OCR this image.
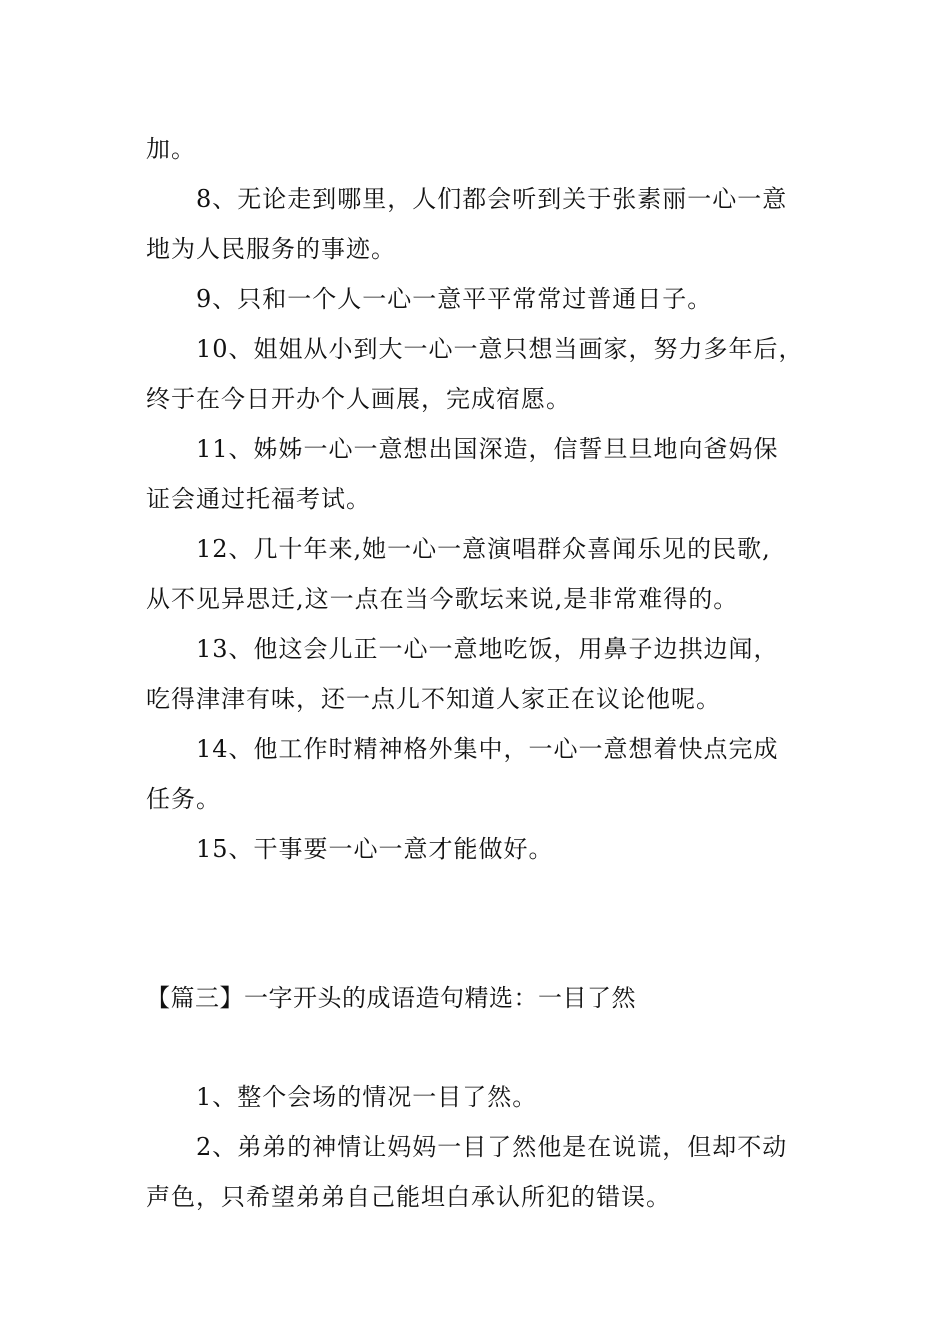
加。
8、无论走到哪里，人们都会听到关于张素丽一心一意
地为人民服务的事迹。
9、只和一个人一心一意平平常常过普通日子。
10、姐姐从小到大一心一意只想当画家，努力多年后，
终于在今日开办个人画展，完成宿愿。
11、姊姊一心一意想出国深造，信誓旦旦地向爸妈保
证会通过托福考试。
12、几十年来,她一心一意演唱群众喜闻乐见的民歌,
从不见异思迁,这一点在当今歌坛来说,是非常难得的。
13、他这会儿正一心一意地吃饭，用鼻子边拱边闻，
吃得津津有味，还一点儿不知道人家正在议论他呢。
14、他工作时精神格外集中，一心一意想着快点完成
任务。
15、干事要一心一意才能做好。
【篇三】一字开头的成语造句精选：一目了然
1、整个会场的情况一目了然。
2、弟弟的神情让妈妈一目了然他是在说谎，但却不动
声色，只希望弟弟自己能坦白承认所犯的错误。
